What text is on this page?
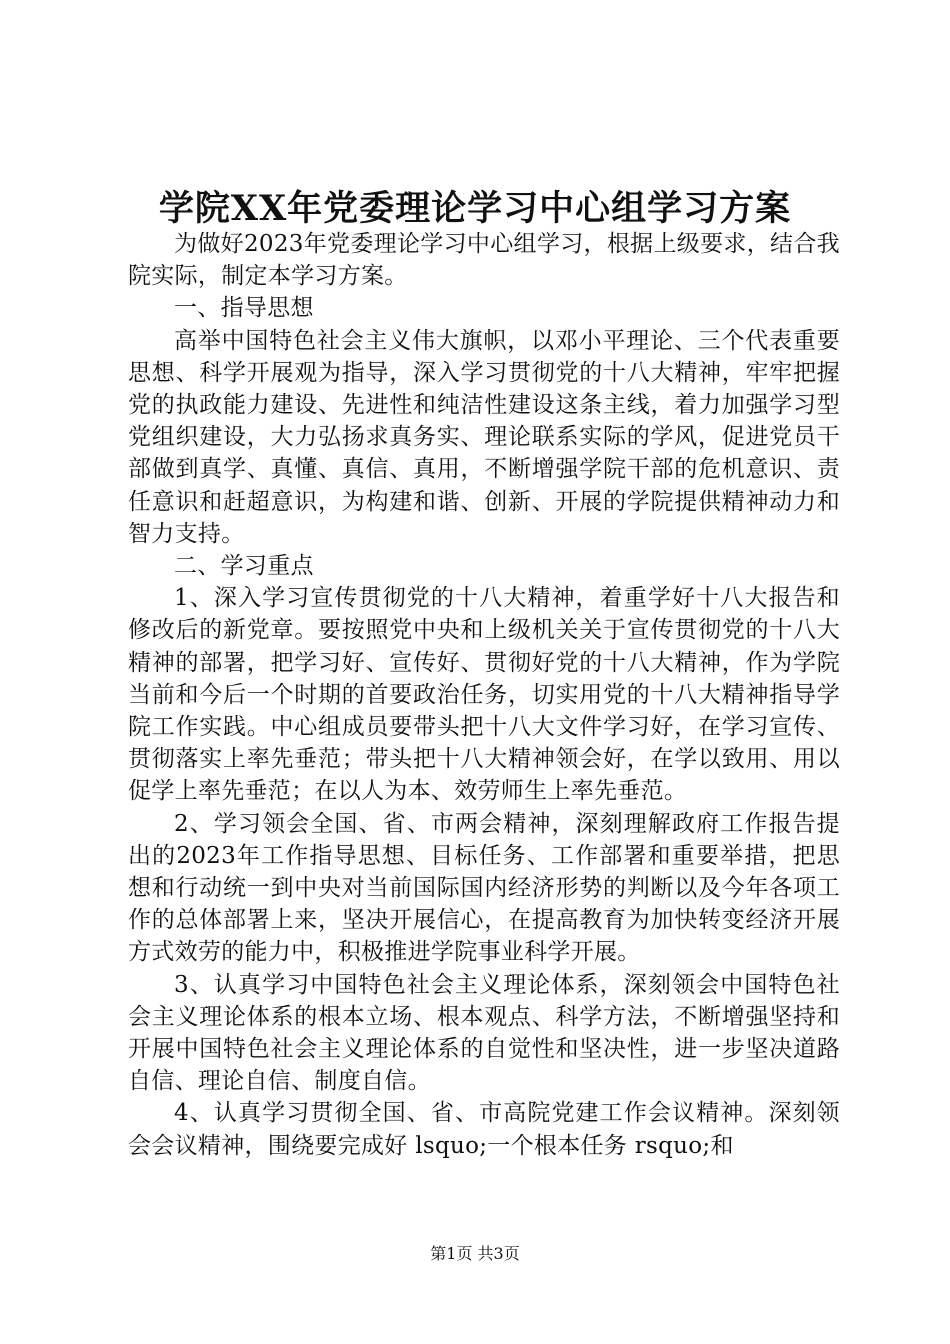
学院XX年党委理论学习中心组学习方案

为做好2023年党委理论学习中心组学习，根据上级要求，结合我院实际，制定本学习方案。

一、指导思想

高举中国特色社会主义伟大旗帜，以邓小平理论、三个代表重要思想、科学开展观为指导，深入学习贯彻党的十八大精神，牢牢把握党的执政能力建设、先进性和纯洁性建设这条主线，着力加强学习型党组织建设，大力弘扬求真务实、理论联系实际的学风，促进党员干部做到真学、真懂、真信、真用，不断增强学院干部的危机意识、责任意识和赶超意识，为构建和谐、创新、开展的学院提供精神动力和智力支持。

二、学习重点

1、深入学习宣传贯彻党的十八大精神，着重学好十八大报告和修改后的新党章。要按照党中央和上级机关关于宣传贯彻党的十八大精神的部署，把学习好、宣传好、贯彻好党的十八大精神，作为学院当前和今后一个时期的首要政治任务，切实用党的十八大精神指导学院工作实践。中心组成员要带头把十八大文件学习好，在学习宣传、贯彻落实上率先垂范；带头把十八大精神领会好，在学以致用、用以促学上率先垂范；在以人为本、效劳师生上率先垂范。

2、学习领会全国、省、市两会精神，深刻理解政府工作报告提出的2023年工作指导思想、目标任务、工作部署和重要举措，把思想和行动统一到中央对当前国际国内经济形势的判断以及今年各项工作的总体部署上来，坚决开展信心，在提高教育为加快转变经济开展方式效劳的能力中，积极推进学院事业科学开展。

3、认真学习中国特色社会主义理论体系，深刻领会中国特色社会主义理论体系的根本立场、根本观点、科学方法，不断增强坚持和开展中国特色社会主义理论体系的自觉性和坚决性，进一步坚决道路自信、理论自信、制度自信。

4、认真学习贯彻全国、省、市高院党建工作会议精神。深刻领会会议精神，围绕要完成好 lsquo;一个根本任务 rsquo;和

第1页 共3页
